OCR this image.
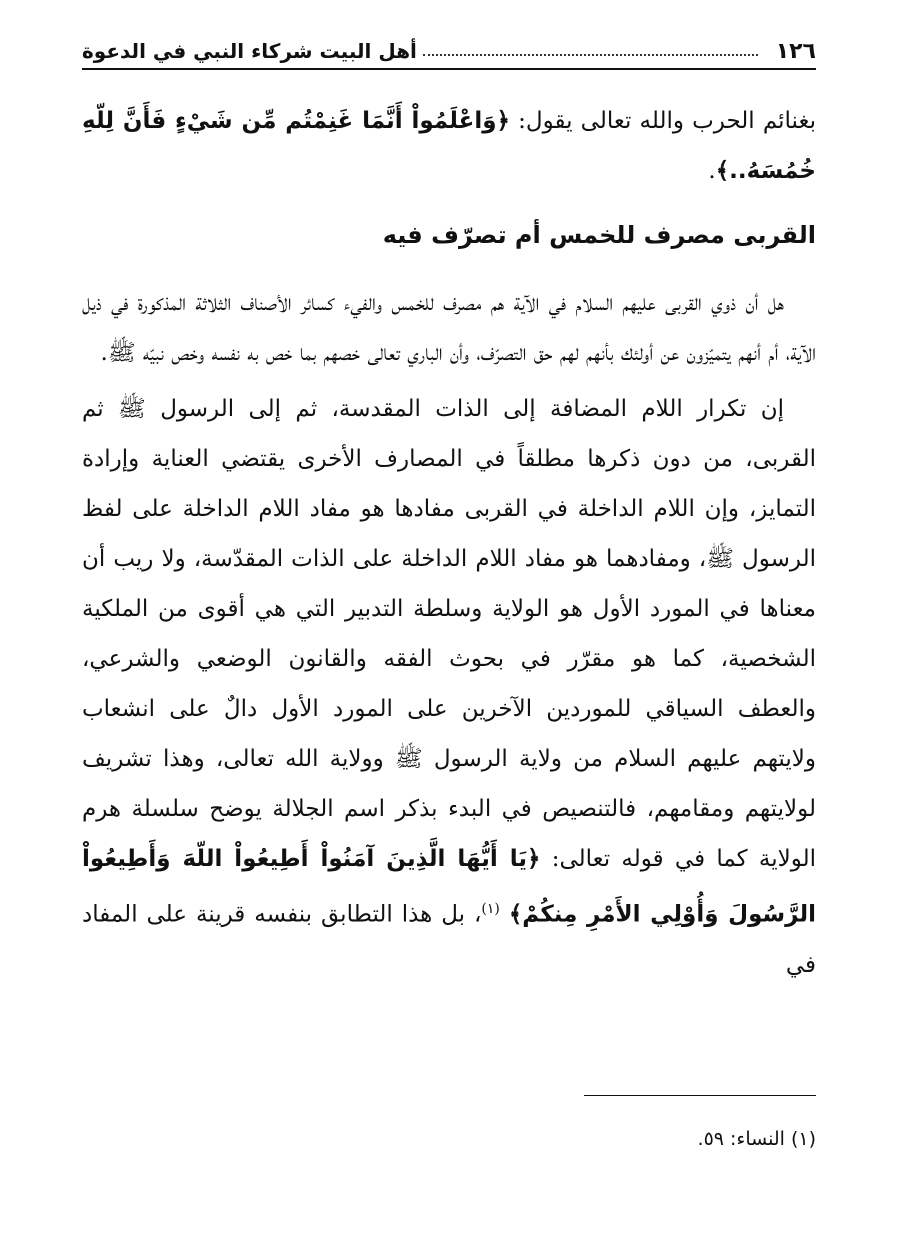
١٢٦
أهل البيت شركاء النبي في الدعوة

بغنائم الحرب والله تعالى يقول: ﴿وَاعْلَمُواْ أَنَّمَا غَنِمْتُم مِّن شَيْءٍ فَأَنَّ لِلّهِ خُمُسَهُ..﴾.

القربى مصرف للخمس أم تصرّف فيه

هل أن ذوي القربى عليهم السلام في الآية هم مصرف للخمس والفيء كسائر الأصناف الثلاثة المذكورة في ذيل الآية، أم أنهم يتميّزون عن أولئك بأنهم لهم حق التصرّف، وأن الباري تعالى خصهم بما خص به نفسه وخص نبيّه ﷺ.

إن تكرار اللام المضافة إلى الذات المقدسة، ثم إلى الرسول ﷺ ثم القربى، من دون ذكرها مطلقاً في المصارف الأخرى يقتضي العناية وإرادة التمايز، وإن اللام الداخلة في القربى مفادها هو مفاد اللام الداخلة على لفظ الرسول ﷺ، ومفادهما هو مفاد اللام الداخلة على الذات المقدّسة، ولا ريب أن معناها في المورد الأول هو الولاية وسلطة التدبير التي هي أقوى من الملكية الشخصية، كما هو مقرّر في بحوث الفقه والقانون الوضعي والشرعي، والعطف السياقي للموردين الآخرين على المورد الأول دالٌ على انشعاب ولايتهم عليهم السلام من ولاية الرسول ﷺ وولاية الله تعالى، وهذا تشريف لولايتهم ومقامهم، فالتنصيص في البدء بذكر اسم الجلالة يوضح سلسلة هرم الولاية كما في قوله تعالى: ﴿يَا أَيُّهَا الَّذِينَ آمَنُواْ أَطِيعُواْ اللّهَ وَأَطِيعُواْ الرَّسُولَ وَأُوْلِي الأَمْرِ مِنكُمْ﴾ $^{(١)}$، بل هذا التطابق بنفسه قرينة على المفاد في

(١) النساء: ٥٩.
